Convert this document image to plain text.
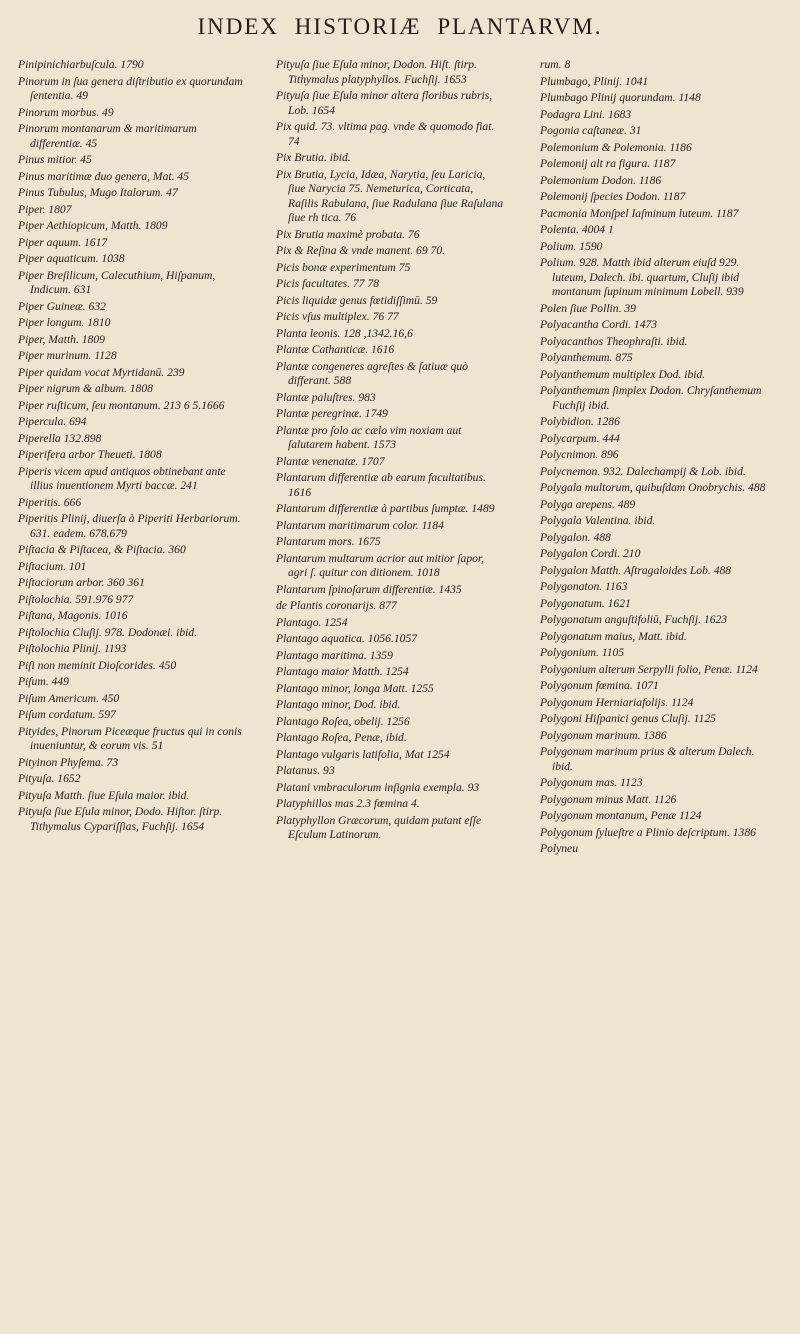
INDEX HISTORIÆ PLANTARVM.
Pinipinichiarbuſcula. 1790
Pinorum in ſua genera diſtributio ex quorundam ſententia. 49
Pinorum morbus. 49
Pinorum montanarum & maritimarum differentiæ. 45
Pinus mitior. 45
Pinus maritimæ duo genera, Mat. 45
Pinus Tubulus, Mugo Italorum. 47
Piper. 1807
Piper Aethiopicum, Matth. 1809
Piper aquum. 1617
Piper aquaticum. 1038
Piper Breſilicum, Calecuthium, Hiſpanum, Indicum. 631
Piper Guineæ. 632
Piper longum. 1810
Piper, Matth. 1809
Piper murinum. 1128
Piper quidam vocat Myrtidanū. 239
Piper nigrum & album. 1808
Piper ruſticum, ſeu montanum. 213 6 5.1666
Pipercula. 694
Piperella 132.898
Piperifera arbor Theueti. 1808
Piperis vicem apud antiquos obtinebant ante illius inuentionem Myrti baccæ. 241
Piperitis. 666
Piperitis Plinij, diuerſa à Piperiti Herbariorum. 631. eadem. 678.679
Piſtacia & Piſtacea, & Piſtacia. 360
Piſtacium. 101
Piſtaciorum arbor. 360 361
Piſtolochia. 591.976 977
Piſtana, Magonis. 1016
Piſtolochia Cluſij. 978. Dodonæi. ibid.
Piſtolochia Plinij. 1193
Piſi non meminit Dioſcorides. 450
Piſum. 449
Piſum Americum. 450
Piſum cordatum. 597
Pityides, Pinorum Piceæque fructus qui in conis inueniuntur, & eorum vis. 51
Pityinon Phyſema. 73
Pityuſa. 1652
Pityuſa Matth. ſiue Eſula maior. ibid.
Pityuſa ſiue Eſula minor, Dodo. Hiſtor. ſtirp. Tithymalus Cypariſſias, Fuchſij. 1654
Pityuſa ſiue Eſula minor, Dodon. Hiſt. ſtirp. Tithymalus platyphyllos. Fuchſij. 1653
Pityuſa ſiue Eſula minor altera floribus rubris, Lob. 1654
Pix quid. 73. vltima pag. vnde & quomodo fiat. 74
Pix Brutia. ibid.
Pix Brutia, Lycia, Idæa, Narytia, ſeu Laricia, ſiue Narycia 75. Nemeturica, Corticata, Raſilis Rabulana, ſiue Radulana ſiue Raſulana ſiue rh tica. 76
Pix Brutia maximè probata. 76
Pix & Reſina & vnde manent. 69 70.
Picis bonæ experimentum 75
Picis facultates. 77 78
Picis liquidæ genus fœtidiſſimū. 59
Picis vſus multiplex. 76 77
Planta leonis. 128 ,1342.16,6
Plantæ Cathanticæ. 1616
Plantæ congeneres agreſtes & ſatiuæ quò differant. 588
Plantæ paluſtres. 983
Plantæ peregrinæ. 1749
Plantæ pro ſolo ac cælo vim noxiam aut ſalutarem habent. 1573
Plantæ venenatæ. 1707
Plantarum differentiæ ab earum facultatibus. 1616
Plantarum differentiæ à partibus ſumptæ. 1489
Plantarum maritimarum color. 1184
Plantarum mors. 1675
Plantarum multarum acrior aut mitior ſapor, agri ſ. quitur con ditionem. 1018
Plantarum ſpinoſarum differentiæ. 1435
de Plantis coronarijs. 877
Plantago. 1254
Plantago aquatica. 1056.1057
Plantago maritima. 1359
Plantago maior Matth. 1254
Plantago minor, longa Matt. 1255
Plantago minor, Dod. ibid.
Plantago Roſea, obelij. 1256
Plantago Roſea, Penæ, ibid.
Plantago vulgaris latifolia, Mat 1254
Platanus. 93
Platani vmbraculorum inſignia exempla. 93
Platyphillos mas 2.3 fœmina 4.
Platyphyllon Græcorum, quidam putant eſſe Eſculum Latinorum.
rum. 8
Plumbago, Plinij. 1041
Plumbago Plinij quorundam. 1148
Podagra Lini. 1683
Pogonia caſtaneæ. 31
Polemonium & Polemonia. 1186
Polemonij alt ra figura. 1187
Polemonium Dodon. 1186
Polemonij ſpecies Dodon. 1187
Pacmonia Monſpel Iaſminum luteum. 1187
Polenta. 4004 1
Polium. 1590
Polium. 928. Matth ibid alterum eiuſd 929. luteum, Dalech. ibi. quartum, Cluſij ibid montanum ſupinum minimum Lobell. 939
Polen ſiue Pollin. 39
Polyacantha Cordi. 1473
Polyacanthos Theophraſti. ibid.
Polyanthemum. 875
Polyanthemum multiplex Dod. ibid.
Polyanthemum ſimplex Dodon. Chryſanthemum Fuchſij ibid.
Polybidion. 1286
Polycarpum. 444
Polycnimon. 896
Polycnemon. 932. Dalechampij & Lob. ibid.
Polygala multorum, quibuſdam Onobrychis. 488
Polyga arepens. 489
Polygala Valentina. ibid.
Polygalon. 488
Polygalon Cordi. 210
Polygalon Matth. Aſtragaloides Lob. 488
Polygonaton. 1163
Polygonatum. 1621
Polygonatum anguſtifoliū, Fuchſij. 1623
Polygonatum maius, Matt. ibid.
Polygonium. 1105
Polygonium alterum Serpylli folio, Penæ. 1124
Polygonum fœmina. 1071
Polygonum Herniariafolijs. 1124
Polygoni Hiſpanici genus Cluſij. 1125
Polygonum marinum. 1386
Polygonum marinum prius & alterum Dalech. ibid.
Polygonum mas. 1123
Polygonum minus Matt. 1126
Polygonum montanum, Penæ 1124
Polygonum ſylueſtre a Plinio deſcriptum. 1386
Polyneu
